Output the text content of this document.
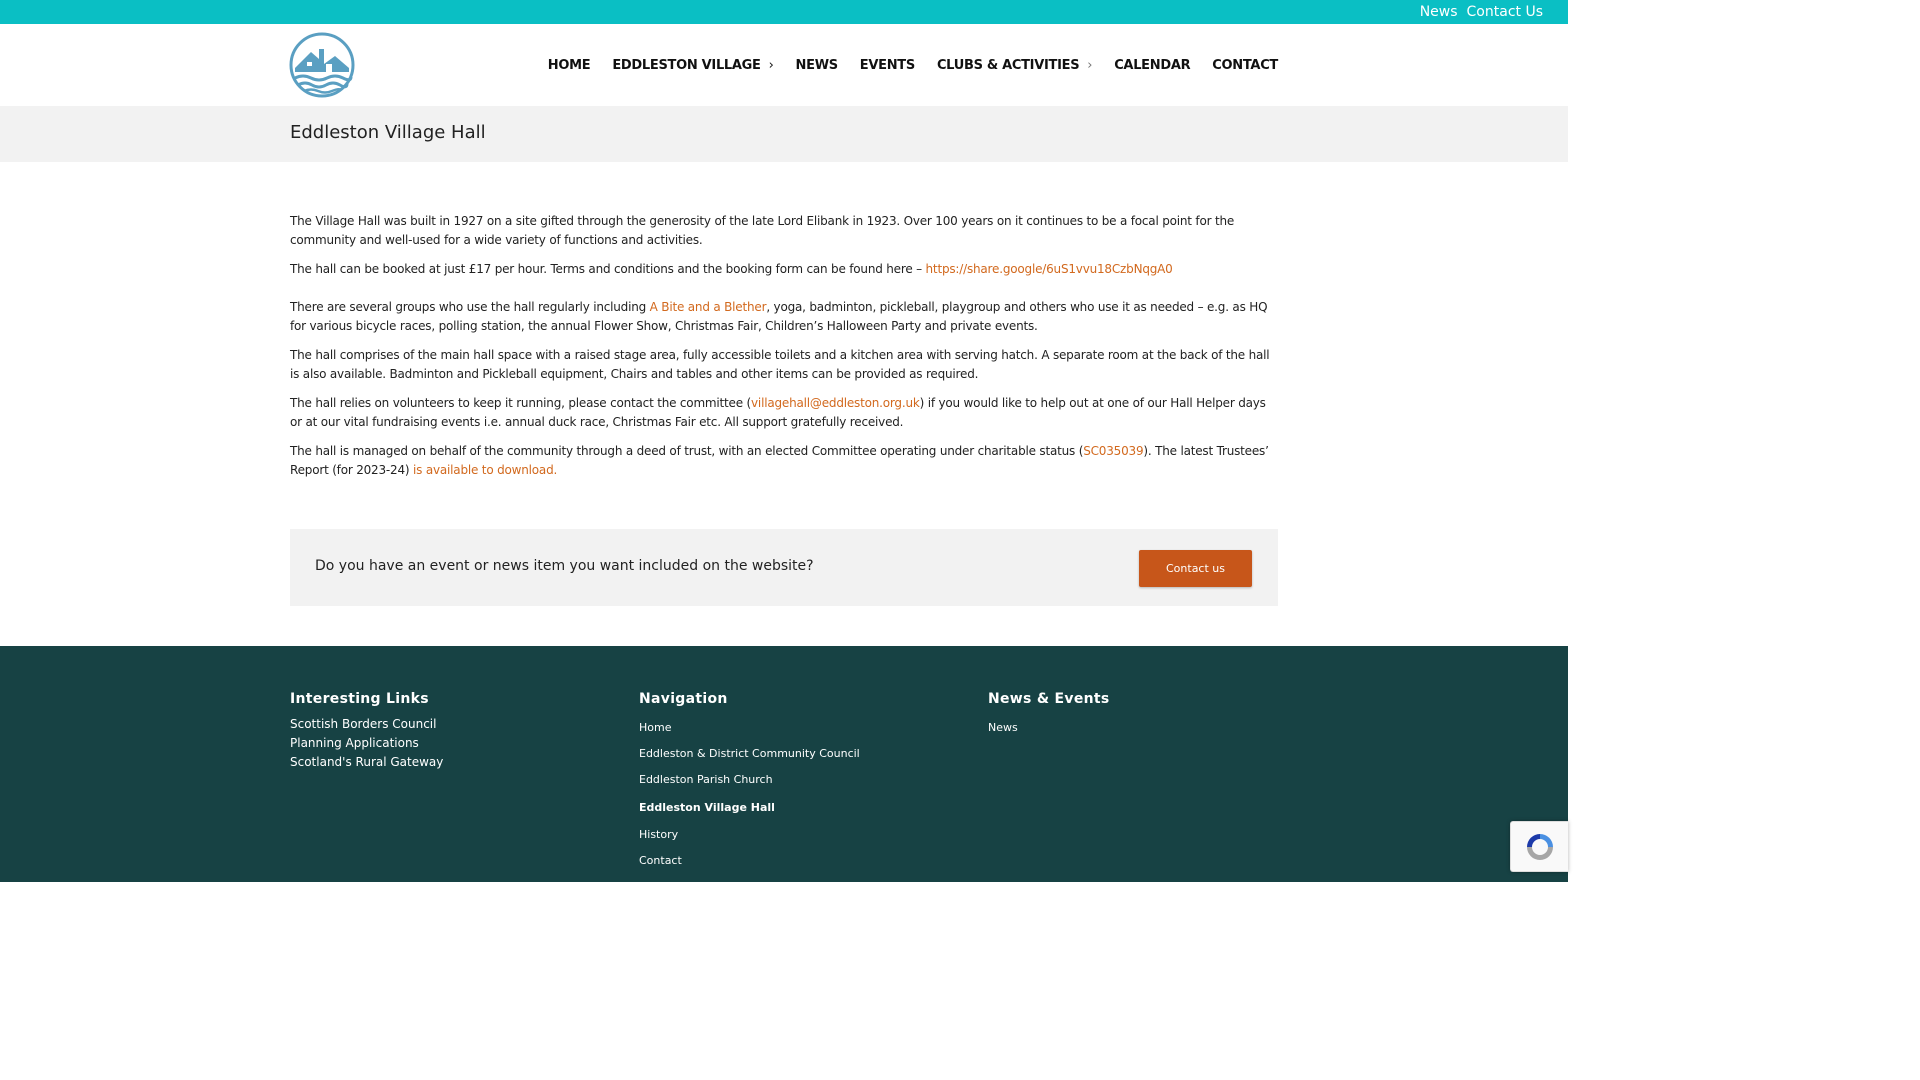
News Contact Us
HOME EDDLESTON VILLAGE › NEWS EVENTS CLUBS & ACTIVITIES › CALENDAR CONTACT
Eddleston Village Hall

The Village Hall was built in 1927 on a site gifted through the generosity of the late Lord Elibank in 1923. Over 100 years on it continues to be a focal point for the community and well-used for a wide variety of functions and activities.

The hall can be booked at just £17 per hour. Terms and conditions and the booking form can be found here – https://share.google/6uS1vvu18CzbNqgA0

There are several groups who use the hall regularly including A Bite and a Blether, yoga, badminton, pickleball, playgroup and others who use it as needed – e.g. as HQ for various bicycle races, polling station, the annual Flower Show, Christmas Fair, Children’s Halloween Party and private events.

The hall comprises of the main hall space with a raised stage area, fully accessible toilets and a kitchen area with serving hatch. A separate room at the back of the hall is also available. Badminton and Pickleball equipment, Chairs and tables and other items can be provided as required.

The hall relies on volunteers to keep it running, please contact the committee (villagehall@eddleston.org.uk) if you would like to help out at one of our Hall Helper days or at our vital fundraising events i.e. annual duck race, Christmas Fair etc. All support gratefully received.

The hall is managed on behalf of the community through a deed of trust, with an elected Committee operating under charitable status (SC035039). The latest Trustees’ Report (for 2023-24) is available to download.

Do you have an event or news item you want included on the website?	Contact us
Interesting Links
Scottish Borders Council
Planning Applications
Scotland's Rural Gateway
Navigation
Home
Eddleston & District Community Council
Eddleston Parish Church
Eddleston Village Hall
History
Contact
News & Events
News
